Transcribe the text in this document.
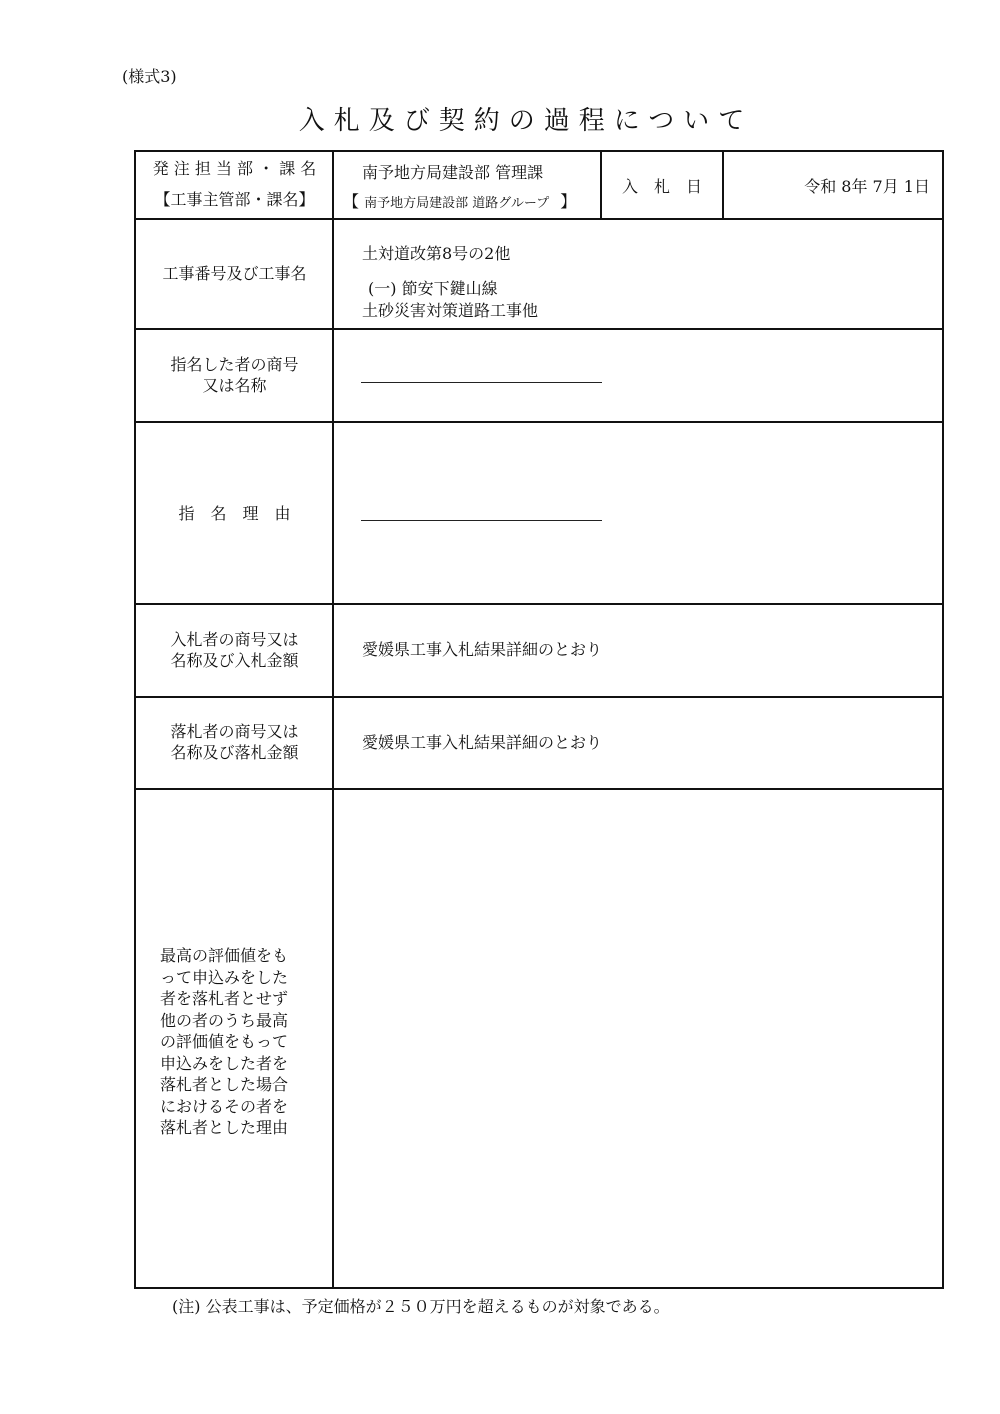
(様式3)
入札及び契約の過程について
発 注 担 当 部 ・ 課 名
【工事主管部・課名】
南予地方局建設部 管理課
【 南予地方局建設部 道路グループ 】
入　札　日	令和 8年 7月 1日
工事番号及び工事名
土対道改第8号の2他
(一) 節安下鍵山線
土砂災害対策道路工事他
指名した者の商号
又は名称
指　名　理　由
入札者の商号又は
名称及び入札金額
愛媛県工事入札結果詳細のとおり
落札者の商号又は
名称及び落札金額
愛媛県工事入札結果詳細のとおり
最高の評価値をも
って申込みをした
者を落札者とせず
他の者のうち最高
の評価値をもって
申込みをした者を
落札者とした場合
におけるその者を
落札者とした理由
(注) 公表工事は、予定価格が２５０万円を超えるものが対象である。
